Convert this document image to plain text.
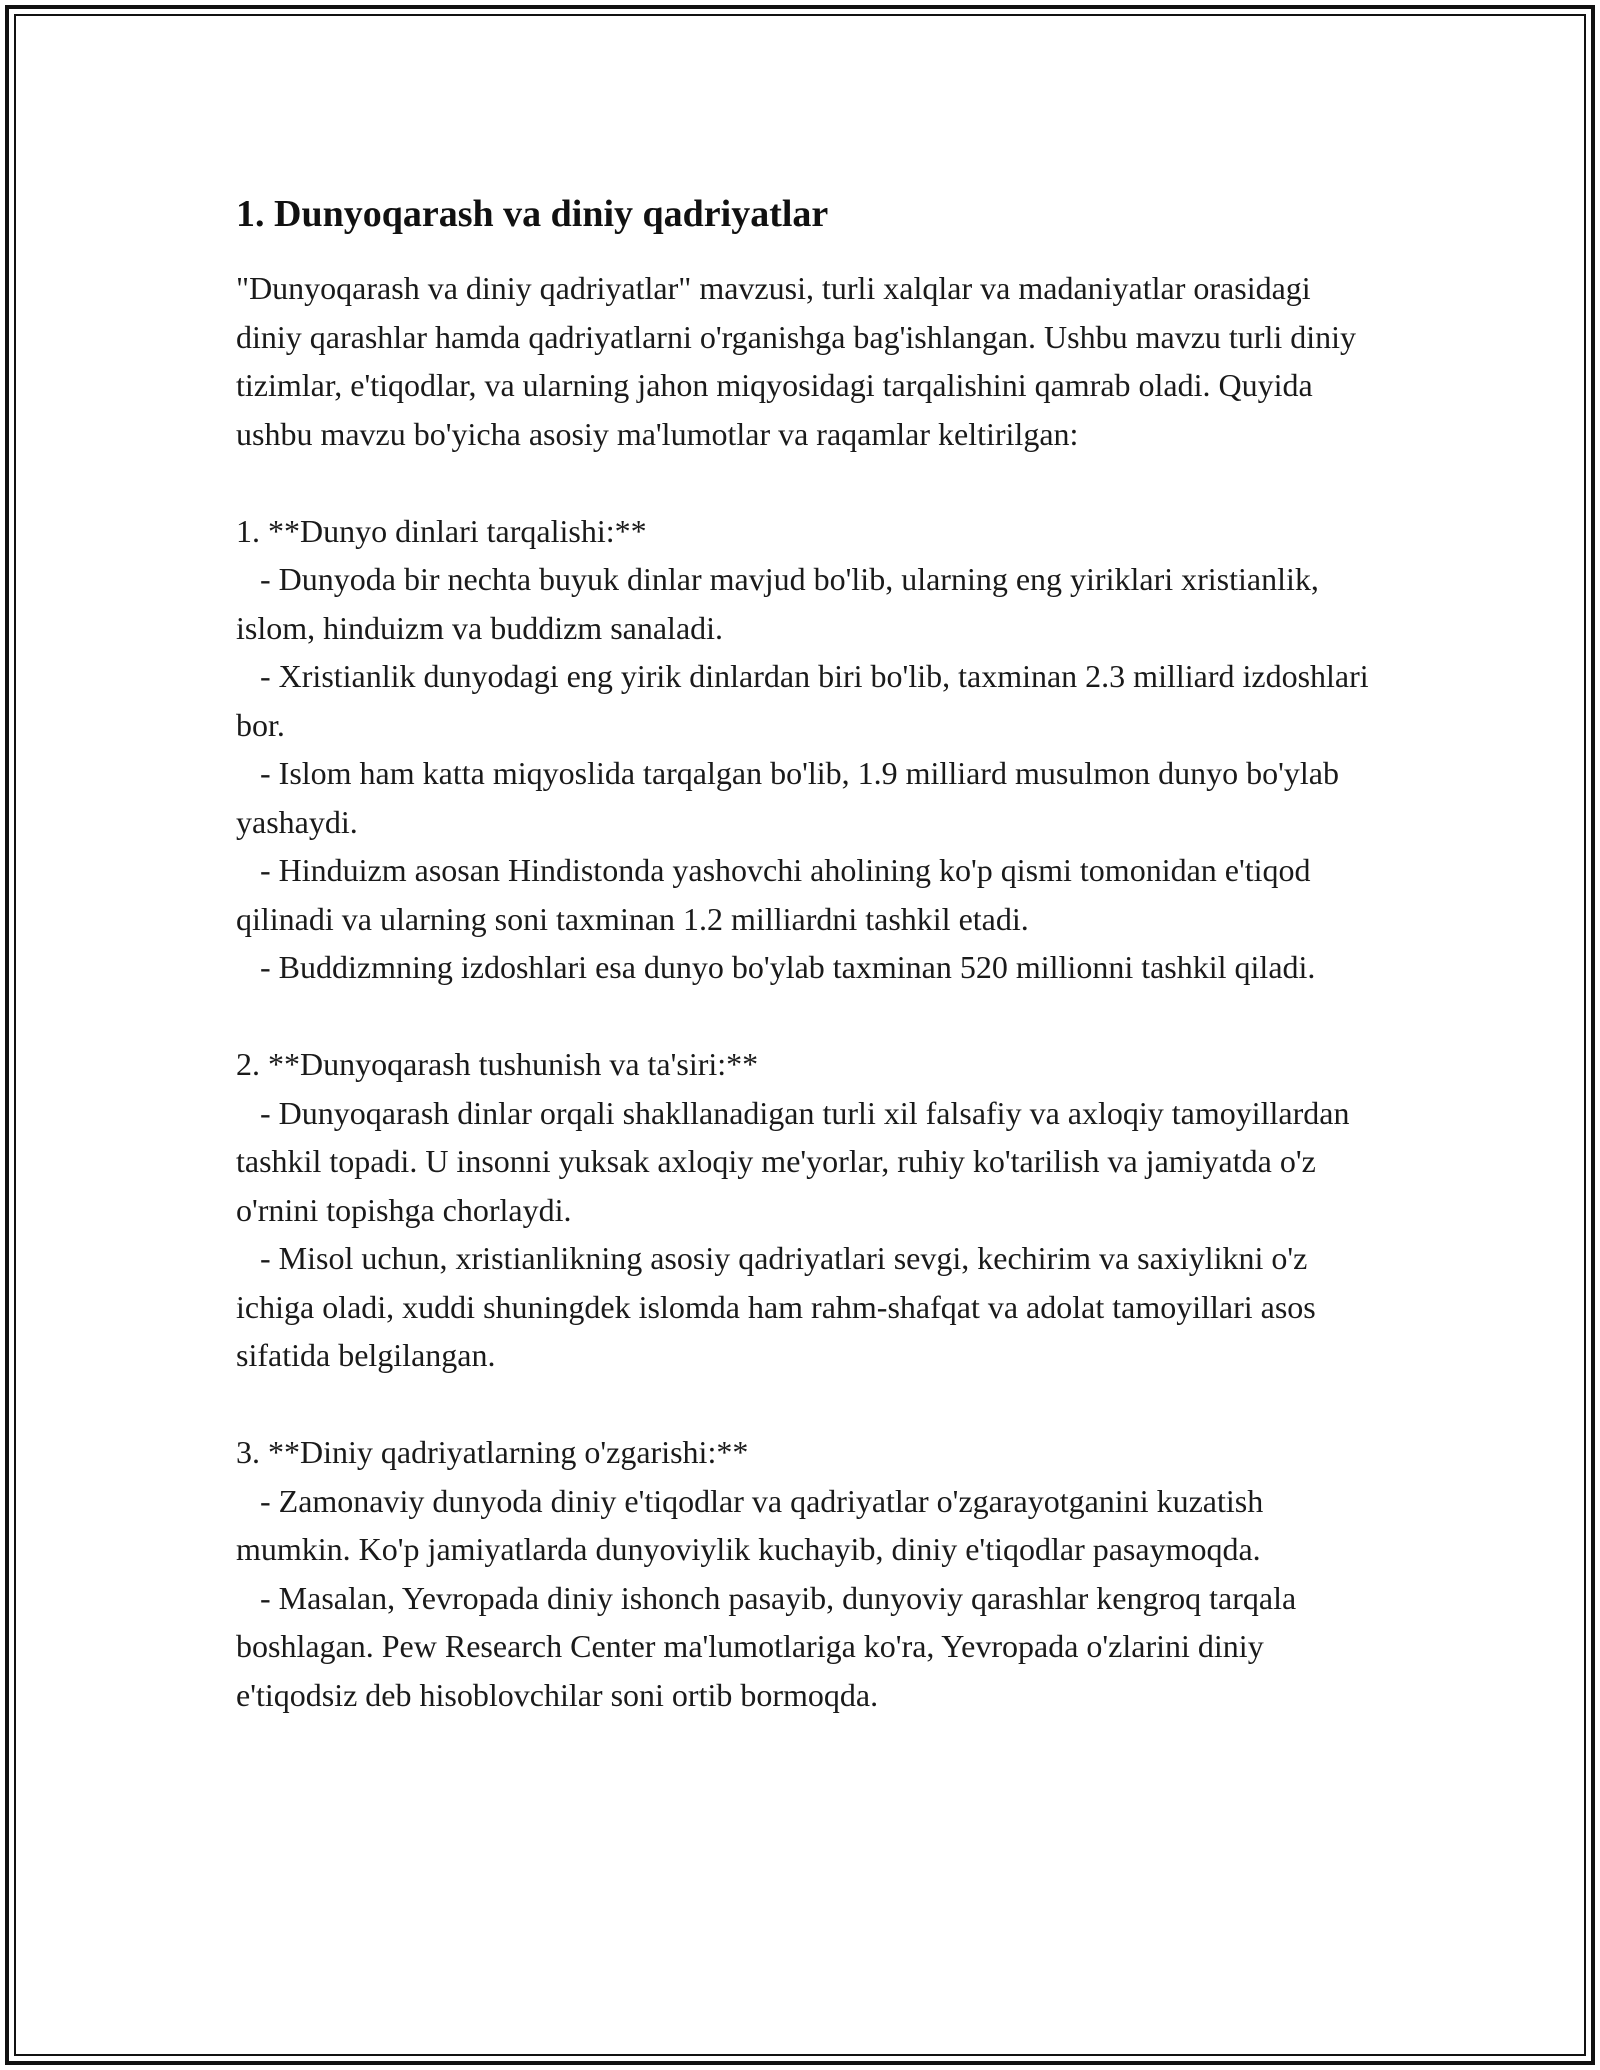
1. Dunyoqarash va diniy qadriyatlar
"Dunyoqarash va diniy qadriyatlar" mavzusi, turli xalqlar va madaniyatlar orasidagi diniy qarashlar hamda qadriyatlarni o'rganishga bag'ishlangan. Ushbu mavzu turli diniy tizimlar, e'tiqodlar, va ularning jahon miqyosidagi tarqalishini qamrab oladi. Quyida ushbu mavzu bo'yicha asosiy ma'lumotlar va raqamlar keltirilgan:

1. **Dunyo dinlari tarqalishi:**
- Dunyoda bir nechta buyuk dinlar mavjud bo'lib, ularning eng yiriklari xristianlik, islom, hinduizm va buddizm sanaladi.
- Xristianlik dunyodagi eng yirik dinlardan biri bo'lib, taxminan 2.3 milliard izdoshlari bor.
- Islom ham katta miqyoslida tarqalgan bo'lib, 1.9 milliard musulmon dunyo bo'ylab yashaydi.
- Hinduizm asosan Hindistonda yashovchi aholining ko'p qismi tomonidan e'tiqod qilinadi va ularning soni taxminan 1.2 milliardni tashkil etadi.
- Buddizmning izdoshlari esa dunyo bo'ylab taxminan 520 millionni tashkil qiladi.

2. **Dunyoqarash tushunish va ta'siri:**
- Dunyoqarash dinlar orqali shakllanadigan turli xil falsafiy va axloqiy tamoyillardan tashkil topadi. U insonni yuksak axloqiy me'yorlar, ruhiy ko'tarilish va jamiyatda o'z o'rnini topishga chorlaydi.
- Misol uchun, xristianlikning asosiy qadriyatlari sevgi, kechirim va saxiylikni o'z ichiga oladi, xuddi shuningdek islomda ham rahm-shafqat va adolat tamoyillari asos sifatida belgilangan.

3. **Diniy qadriyatlarning o'zgarishi:**
- Zamonaviy dunyoda diniy e'tiqodlar va qadriyatlar o'zgarayotganini kuzatish mumkin. Ko'p jamiyatlarda dunyoviylik kuchayib, diniy e'tiqodlar pasaymoqda.
- Masalan, Yevropada diniy ishonch pasayib, dunyoviy qarashlar kengroq tarqala boshlagan. Pew Research Center ma'lumotlariga ko'ra, Yevropada o'zlarini diniy e'tiqodsiz deb hisoblovchilar soni ortib bormoqda.
